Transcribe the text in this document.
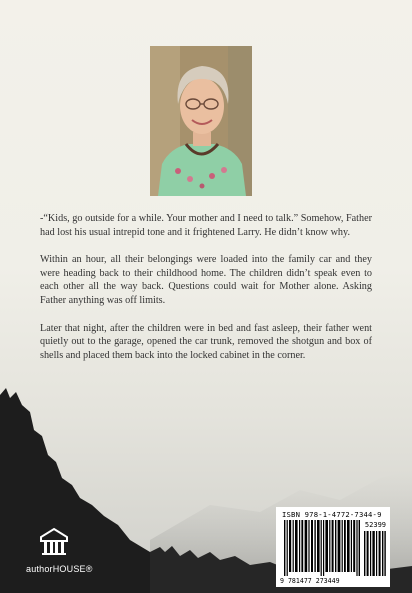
-“Kids, go outside for a while. Your mother and I need to talk.” Somehow, Father had lost his usual intrepid tone and it frightened Larry. He didn’t know why.

Within an hour, all their belongings were loaded into the family car and they were heading back to their childhood home. The children didn’t speak even to each other all the way back. Questions could wait for Mother alone. Asking Father anything was off limits.

Later that night, after the children were in bed and fast asleep, their father went quietly out to the garage, opened the car trunk, removed the shotgun and box of shells and placed them back into the locked cabinet in the corner.

authorHOUSE®
ISBN 978-1-4772-7344-9
52399
9 781477 273449
